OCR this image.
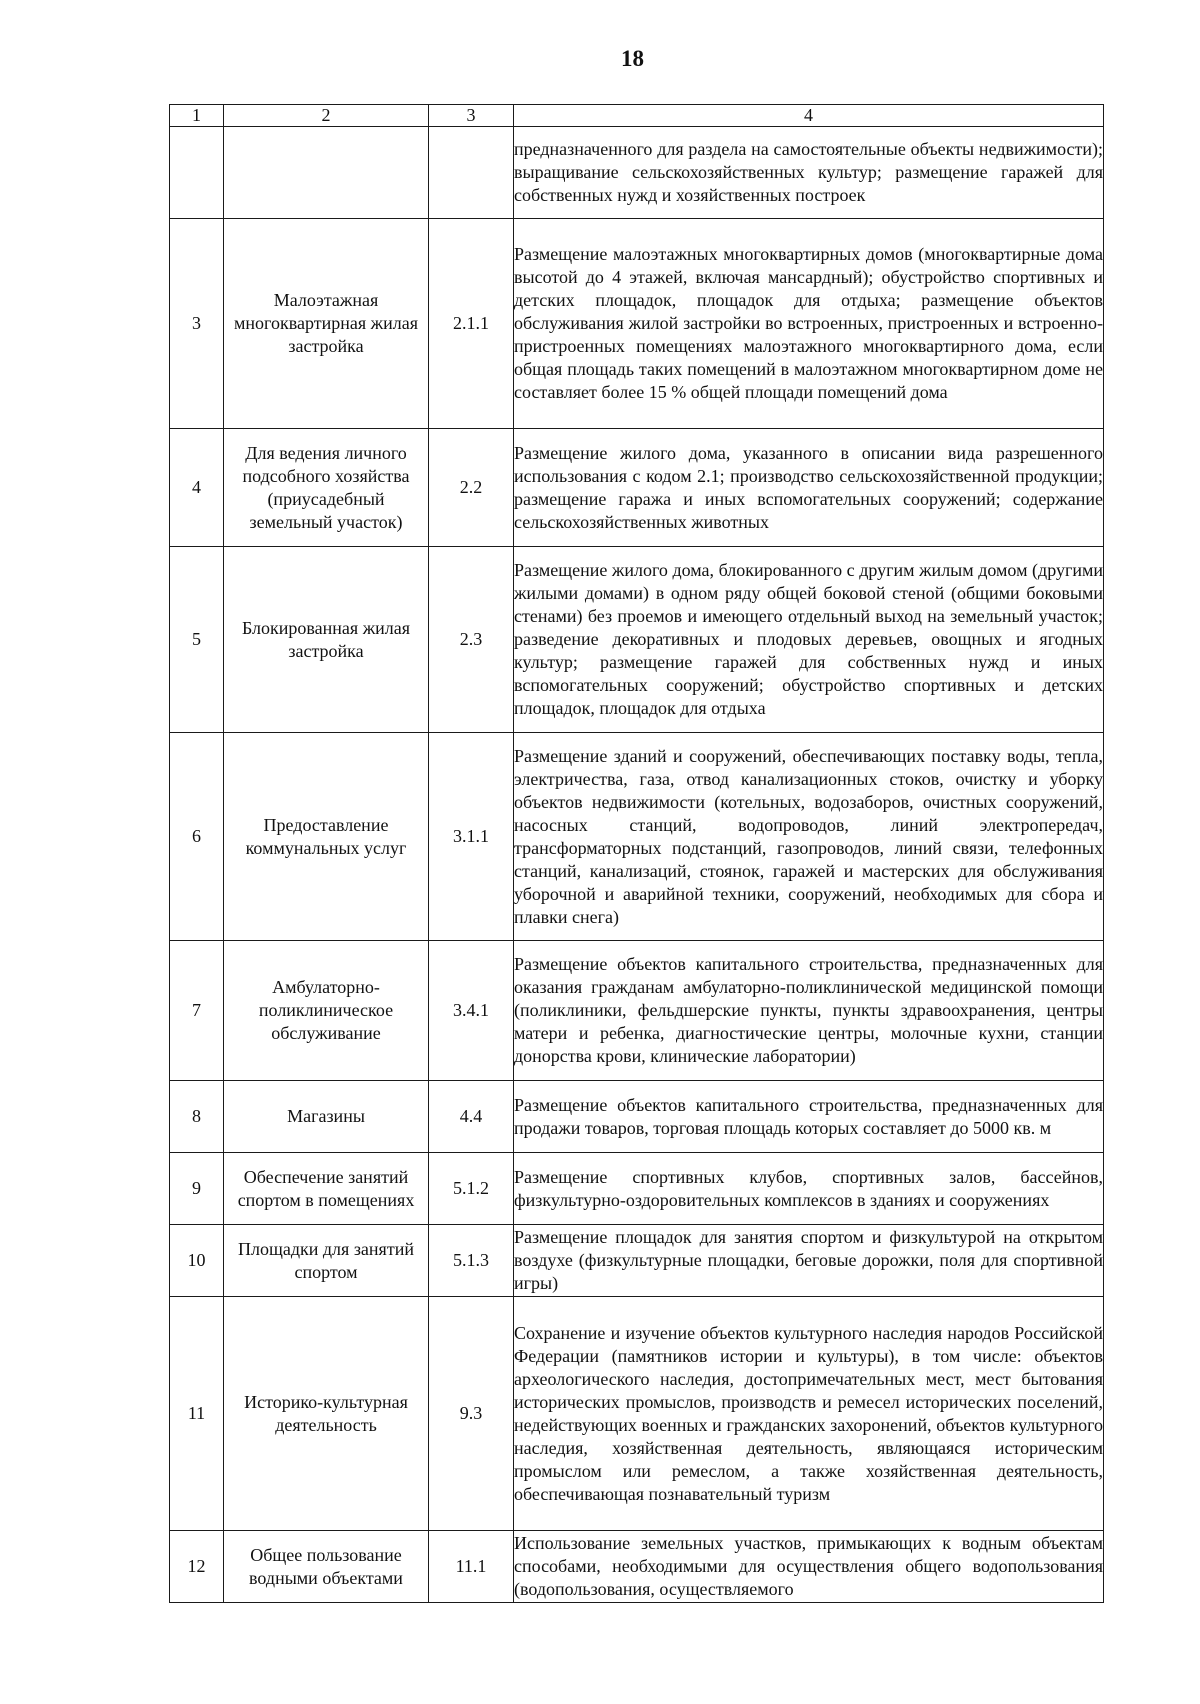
18
1	2	3	4
			предназначенного для раздела на самостоятельные объекты недвижимости); выращивание сельскохозяйственных культур; размещение гаражей для собственных нужд и хозяйственных построек
3	Малоэтажная многоквартирная жилая застройка	2.1.1	Размещение малоэтажных многоквартирных домов (многоквартирные дома высотой до 4 этажей, включая мансардный); обустройство спортивных и детских площадок, площадок для отдыха; размещение объектов обслуживания жилой застройки во встроенных, пристроенных и встроенно-пристроенных помещениях малоэтажного многоквартирного дома, если общая площадь таких помещений в малоэтажном многоквартирном доме не составляет более 15 % общей площади помещений дома
4	Для ведения личного подсобного хозяйства (приусадебный земельный участок)	2.2	Размещение жилого дома, указанного в описании вида разрешенного использования с кодом 2.1; производство сельскохозяйственной продукции; размещение гаража и иных вспомогательных сооружений; содержание сельскохозяйственных животных
5	Блокированная жилая застройка	2.3	Размещение жилого дома, блокированного с другим жилым домом (другими жилыми домами) в одном ряду общей боковой стеной (общими боковыми стенами) без проемов и имеющего отдельный выход на земельный участок; разведение декоративных и плодовых деревьев, овощных и ягодных культур; размещение гаражей для собственных нужд и иных вспомогательных сооружений; обустройство спортивных и детских площадок, площадок для отдыха
6	Предоставление коммунальных услуг	3.1.1	Размещение зданий и сооружений, обеспечивающих поставку воды, тепла, электричества, газа, отвод канализационных стоков, очистку и уборку объектов недвижимости (котельных, водозаборов, очистных сооружений, насосных станций, водопроводов, линий электропередач, трансформаторных подстанций, газопроводов, линий связи, телефонных станций, канализаций, стоянок, гаражей и мастерских для обслуживания уборочной и аварийной техники, сооружений, необходимых для сбора и плавки снега)
7	Амбулаторно-поликлиническое обслуживание	3.4.1	Размещение объектов капитального строительства, предназначенных для оказания гражданам амбулаторно-поликлинической медицинской помощи (поликлиники, фельдшерские пункты, пункты здравоохранения, центры матери и ребенка, диагностические центры, молочные кухни, станции донорства крови, клинические лаборатории)
8	Магазины	4.4	Размещение объектов капитального строительства, предназначенных для продажи товаров, торговая площадь которых составляет до 5000 кв. м
9	Обеспечение занятий спортом в помещениях	5.1.2	Размещение спортивных клубов, спортивных залов, бассейнов, физкультурно-оздоровительных комплексов в зданиях и сооружениях
10	Площадки для занятий спортом	5.1.3	Размещение площадок для занятия спортом и физкультурой на открытом воздухе (физкультурные площадки, беговые дорожки, поля для спортивной игры)
11	Историко-культурная деятельность	9.3	Сохранение и изучение объектов культурного наследия народов Российской Федерации (памятников истории и культуры), в том числе: объектов археологического наследия, достопримечательных мест, мест бытования исторических промыслов, производств и ремесел исторических поселений, недействующих военных и гражданских захоронений, объектов культурного наследия, хозяйственная деятельность, являющаяся историческим промыслом или ремеслом, а также хозяйственная деятельность, обеспечивающая познавательный туризм
12	Общее пользование водными объектами	11.1	Использование земельных участков, примыкающих к водным объектам способами, необходимыми для осуществления общего водопользования (водопользования, осуществляемого
